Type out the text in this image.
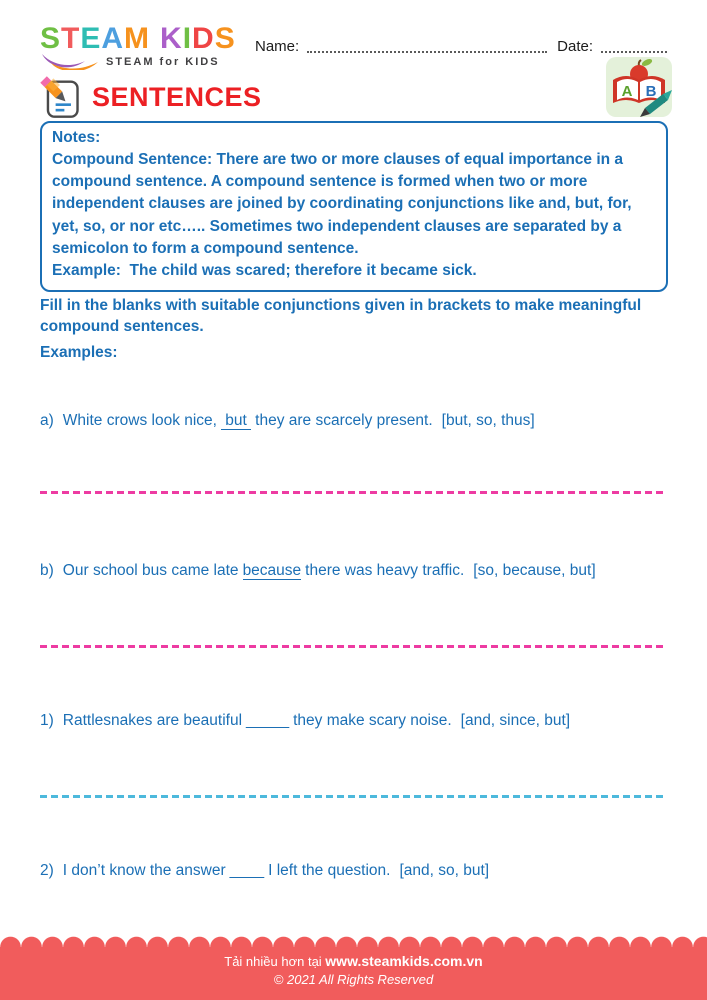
STEAM KIDS
STEAM for KIDS
Name:	Date:
SENTENCES	A B
Notes:
Compound Sentence: There are two or more clauses of equal importance in a compound sentence. A compound sentence is formed when two or more independent clauses are joined by coordinating conjunctions like and, but, for, yet, so, or nor etc….. Sometimes two independent clauses are separated by a semicolon to form a compound sentence.
Example:  The child was scared; therefore it became sick.
Fill in the blanks with suitable conjunctions given in brackets to make meaningful compound sentences.
Examples:
a) White crows look nice, but they are scarcely present. [but, so, thus]
b) Our school bus came late because there was heavy traffic. [so, because, but]
1) Rattlesnakes are beautiful _____ they make scary noise. [and, since, but]
2) I don’t know the answer ____ I left the question. [and, so, but]
Tải nhiều hơn tại www.steamkids.com.vn
© 2021 All Rights Reserved
